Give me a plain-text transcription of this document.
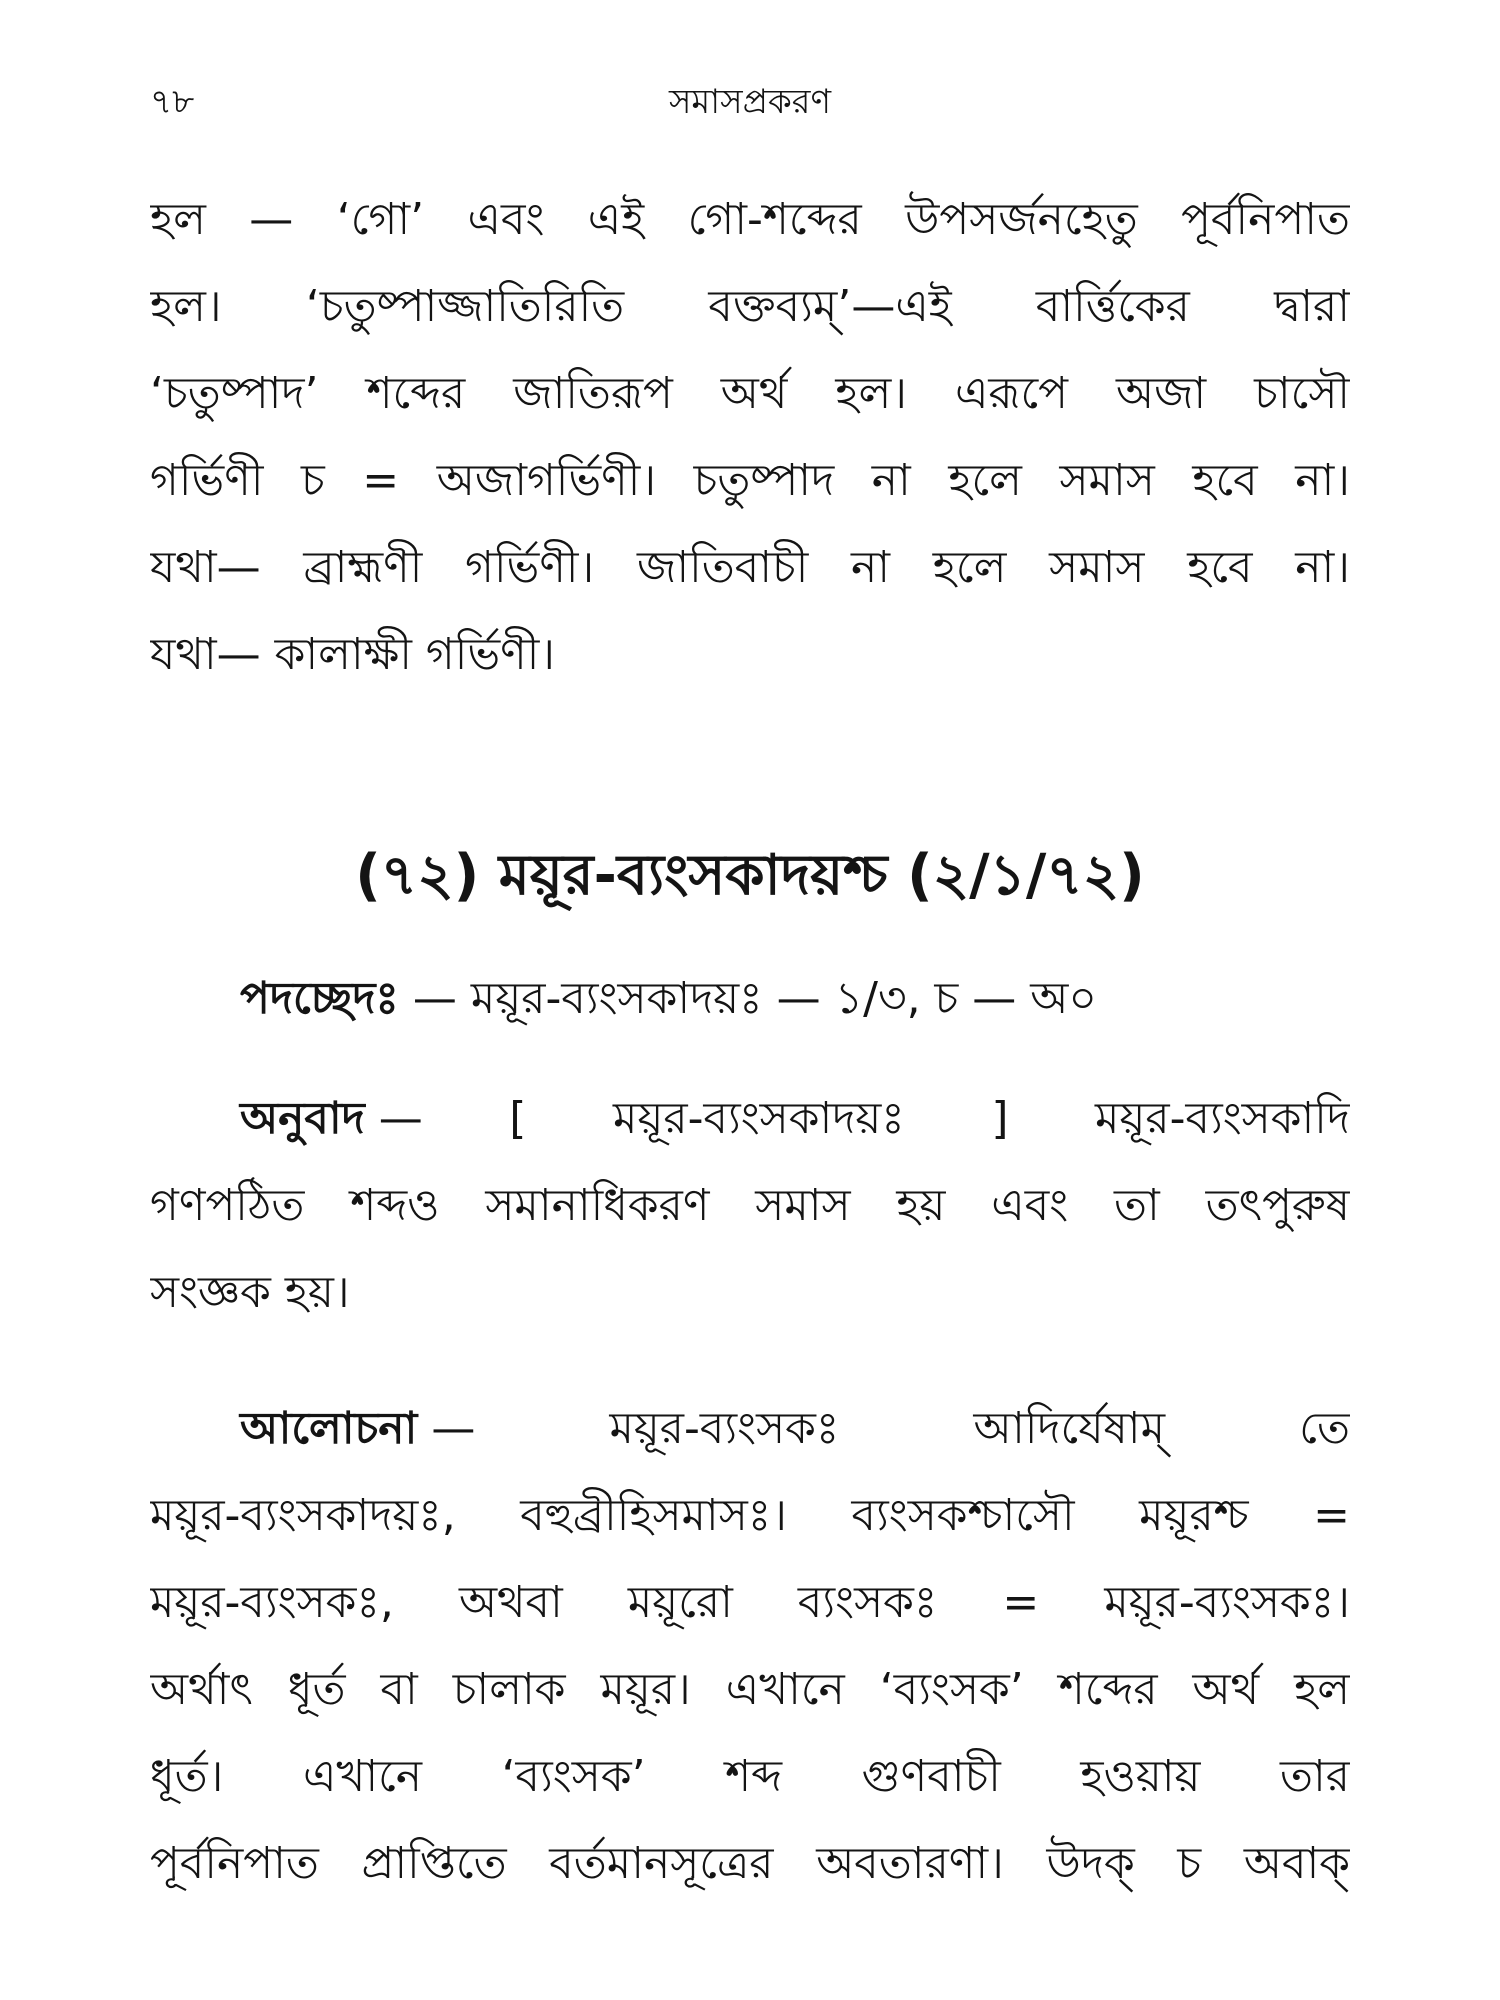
৭৮	সমাসপ্রকরণ
হল — ‘গো’ এবং এই গো-শব্দের উপসর্জনহেতু পূর্বনিপাত
হল। ‘চতুষ্পাজ্জাতিরিতি বক্তব্যম্’—এই বার্ত্তিকের দ্বারা
‘চতুষ্পাদ’ শব্দের জাতিরূপ অর্থ হল। এরূপে অজা চাসৌ
গর্ভিণী চ = অজাগর্ভিণী। চতুষ্পাদ না হলে সমাস হবে না।
যথা— ব্রাহ্মণী গর্ভিণী। জাতিবাচী না হলে সমাস হবে না।
যথা— কালাক্ষী গর্ভিণী।
(৭২) ময়ূর-ব্যংসকাদয়শ্চ (২/১/৭২)
পদচ্ছেদঃ — ময়ূর-ব্যংসকাদয়ঃ — ১/৩, চ — অ০
অনুবাদ — [ ময়ূর-ব্যংসকাদয়ঃ ] ময়ূর-ব্যংসকাদি
গণপঠিত শব্দও সমানাধিকরণ সমাস হয় এবং তা তৎপুরুষ
সংজ্ঞক হয়।
আলোচনা — ময়ূর-ব্যংসকঃ আদির্যেষাম্ তে
ময়ূর-ব্যংসকাদয়ঃ, বহুব্রীহিসমাসঃ। ব্যংসকশ্চাসৌ ময়ূরশ্চ =
ময়ূর-ব্যংসকঃ, অথবা ময়ূরো ব্যংসকঃ = ময়ূর-ব্যংসকঃ।
অর্থাৎ ধূর্ত বা চালাক ময়ূর। এখানে ‘ব্যংসক’ শব্দের অর্থ হল
ধূর্ত। এখানে ‘ব্যংসক’ শব্দ গুণবাচী হওয়ায় তার
পূর্বনিপাত প্রাপ্তিতে বর্তমানসূত্রের অবতারণা। উদক্ চ অবাক্
